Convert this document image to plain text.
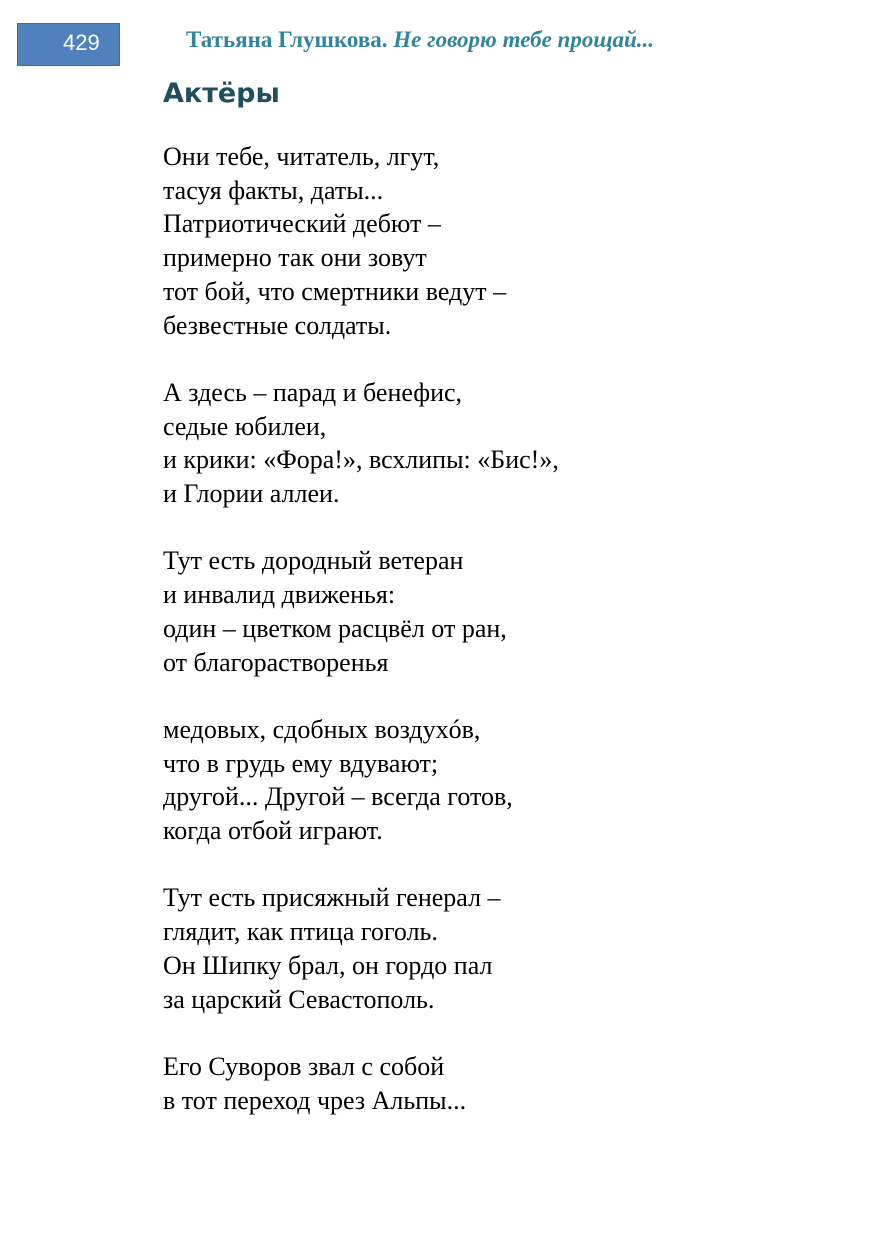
429	Татьяна Глушкова. Не говорю тебе прощай...
Актёры
Они тебе, читатель, лгут,
тасуя факты, даты...
Патриотический дебют –
примерно так они зовут
тот бой, что смертники ведут –
безвестные солдаты.
А здесь – парад и бенефис,
седые юбилеи,
и крики: «Фора!», всхлипы: «Бис!»,
и Глории аллеи.
Тут есть дородный ветеран
и инвалид движенья:
один – цветком расцвёл от ран,
от благорастворенья
медовых, сдобных воздухóв,
что в грудь ему вдувают;
другой... Другой – всегда готов,
когда отбой играют.
Тут есть присяжный генерал –
глядит, как птица гоголь.
Он Шипку брал, он гордо пал
за царский Севастополь.
Его Суворов звал с собой
в тот переход чрез Альпы...
